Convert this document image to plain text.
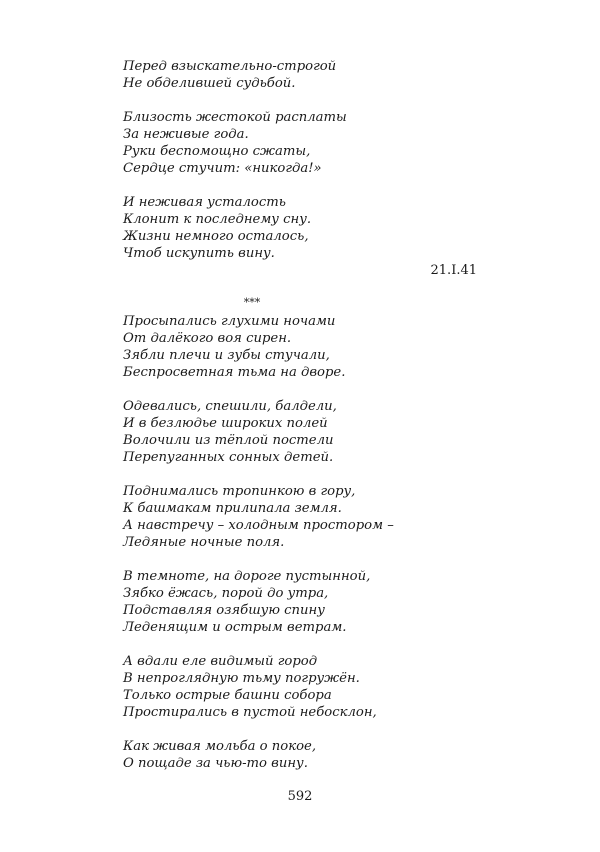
Перед взыскательно-строгой
Не обделившей судьбой.
Близость жестокой расплаты
За неживые года.
Руки беспомощно сжаты,
Сердце стучит: «никогда!»
И неживая усталость
Клонит к последнему сну.
Жизни немного осталось,
Чтоб искупить вину.
21.I.41
***
Просыпались глухими ночами
От далёкого воя сирен.
Зябли плечи и зубы стучали,
Беспросветная тьма на дворе.
Одевались, спешили, балдели,
И в безлюдье широких полей
Волочили из тёплой постели
Перепуганных сонных детей.
Поднимались тропинкою в гору,
К башмакам прилипала земля.
А навстречу – холодным простором –
Ледяные ночные поля.
В темноте, на дороге пустынной,
Зябко ёжась, порой до утра,
Подставляя озябшую спину
Леденящим и острым ветрам.
А вдали еле видимый город
В непроглядную тьму погружён.
Только острые башни собора
Простирались в пустой небосклон,
Как живая мольба о покое,
О пощаде за чью-то вину.
592
